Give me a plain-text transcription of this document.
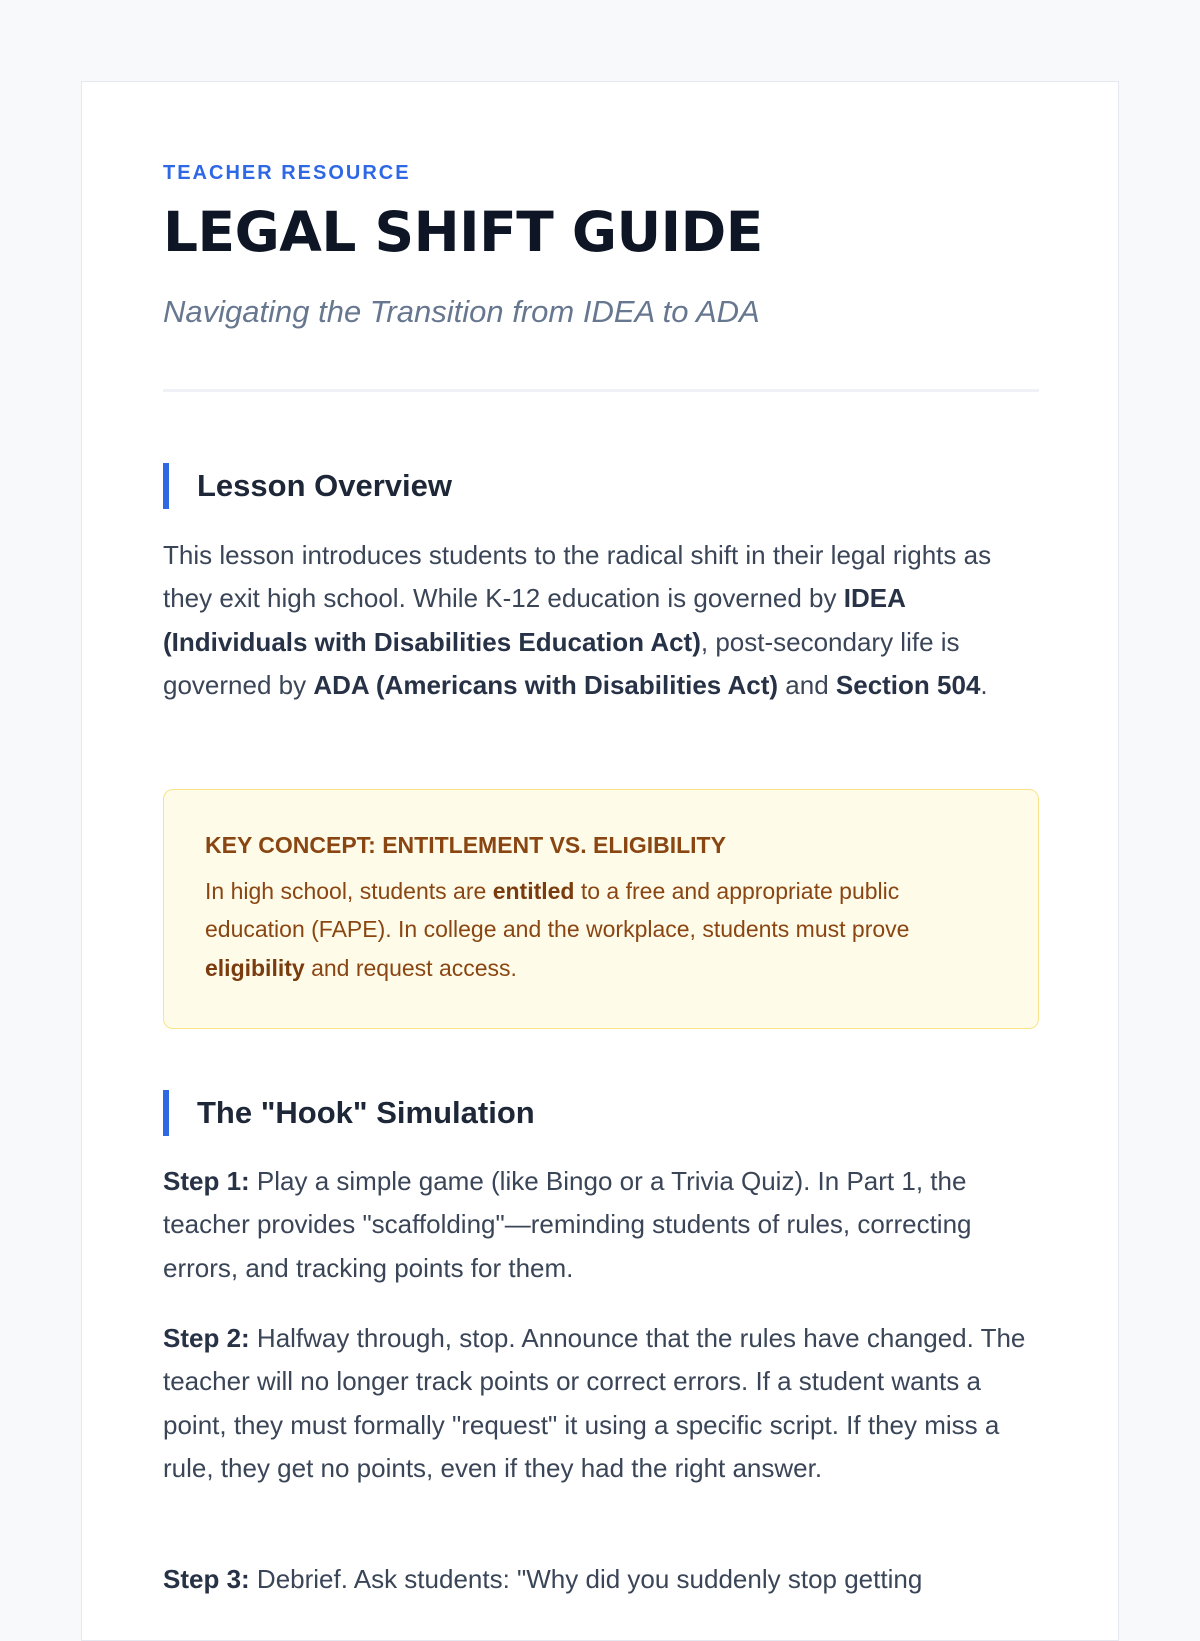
TEACHER RESOURCE
LEGAL SHIFT GUIDE
Navigating the Transition from IDEA to ADA
Lesson Overview

This lesson introduces students to the radical shift in their legal rights as they exit high school. While K-12 education is governed by IDEA (Individuals with Disabilities Education Act), post-secondary life is governed by ADA (Americans with Disabilities Act) and Section 504.

KEY CONCEPT: ENTITLEMENT VS. ELIGIBILITY

In high school, students are entitled to a free and appropriate public education (FAPE). In college and the workplace, students must prove eligibility and request access.

The "Hook" Simulation

Step 1: Play a simple game (like Bingo or a Trivia Quiz). In Part 1, the teacher provides "scaffolding"—reminding students of rules, correcting errors, and tracking points for them.

Step 2: Halfway through, stop. Announce that the rules have changed. The teacher will no longer track points or correct errors. If a student wants a point, they must formally "request" it using a specific script. If they miss a rule, they get no points, even if they had the right answer.

Step 3: Debrief. Ask students: "Why did you suddenly stop getting
